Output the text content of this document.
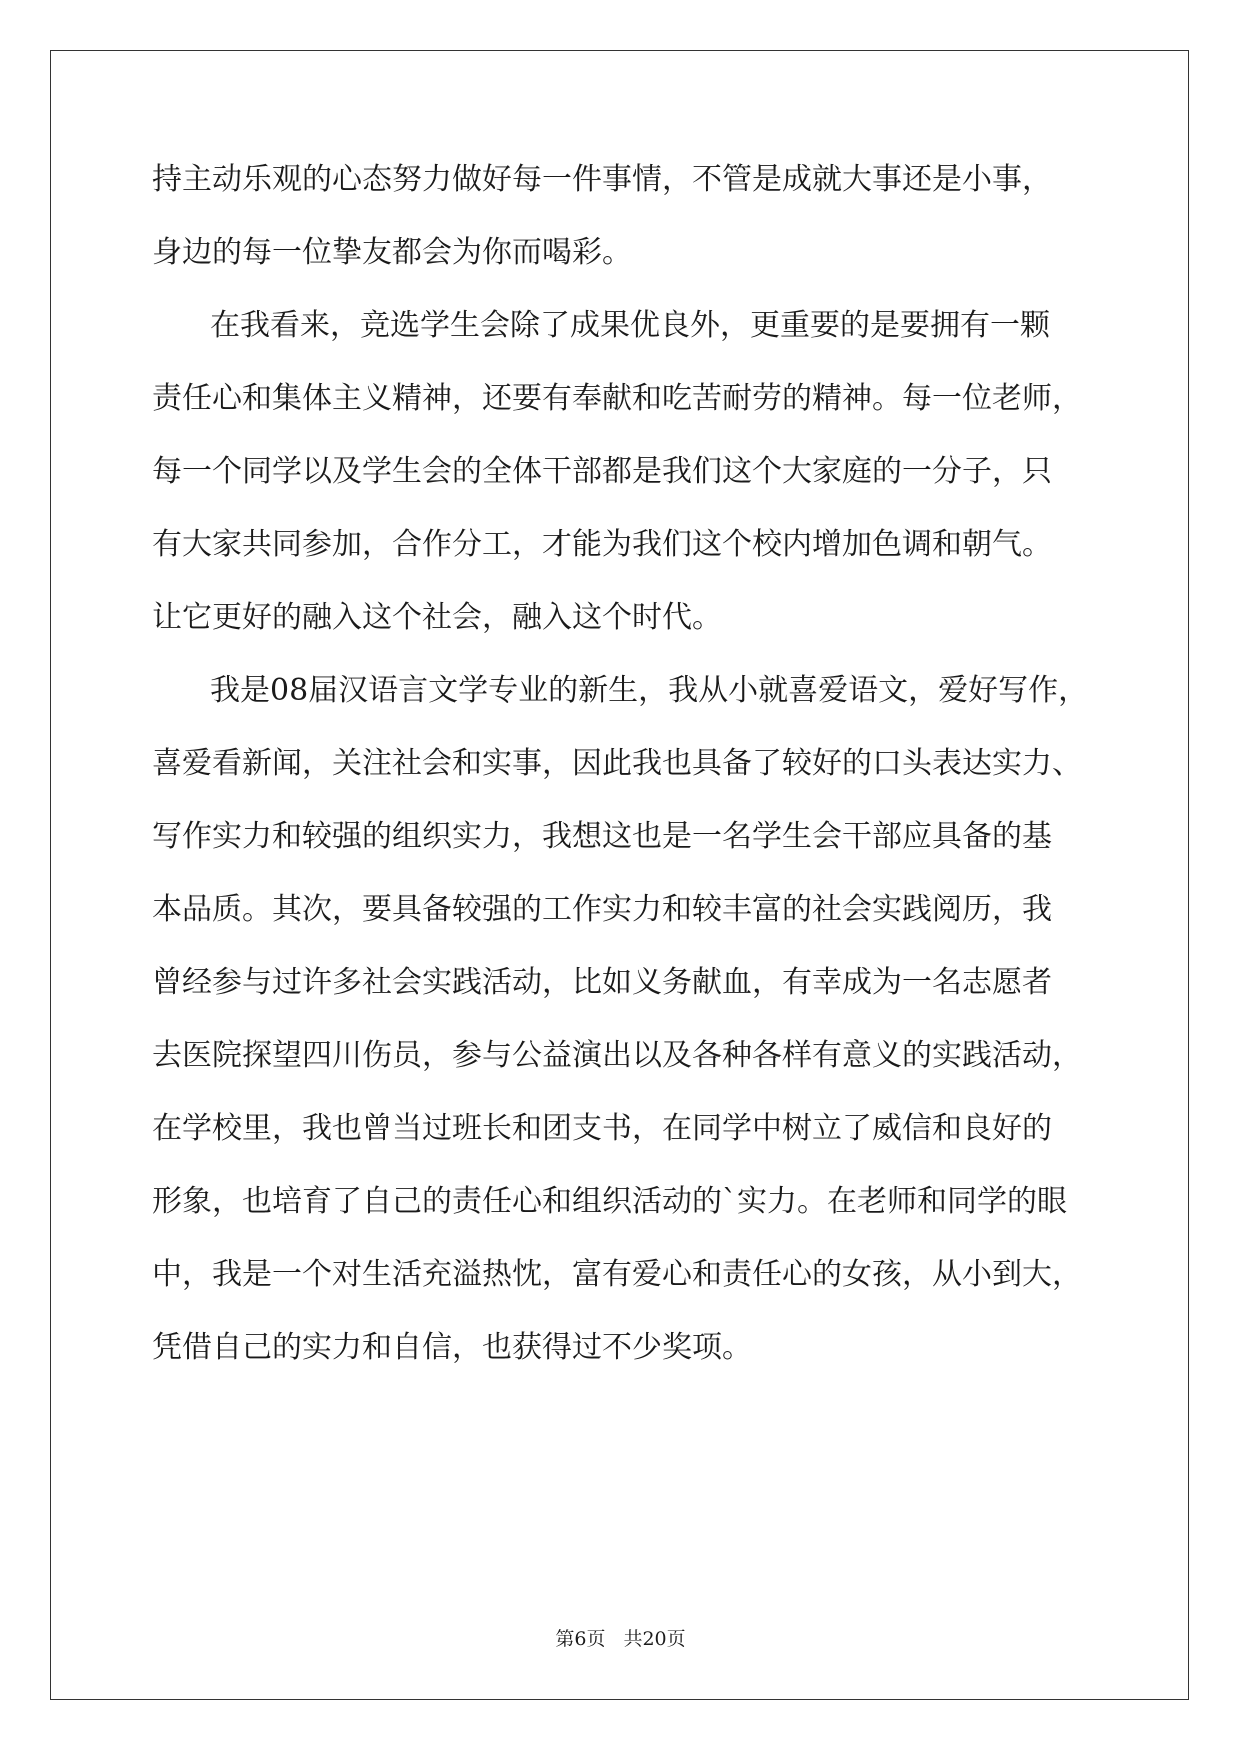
持主动乐观的心态努力做好每一件事情，不管是成就大事还是小事，
身边的每一位挚友都会为你而喝彩。
在我看来，竞选学生会除了成果优良外，更重要的是要拥有一颗
责任心和集体主义精神，还要有奉献和吃苦耐劳的精神。每一位老师，
每一个同学以及学生会的全体干部都是我们这个大家庭的一分子，只
有大家共同参加，合作分工，才能为我们这个校内增加色调和朝气。
让它更好的融入这个社会，融入这个时代。
我是08届汉语言文学专业的新生，我从小就喜爱语文，爱好写作，
喜爱看新闻，关注社会和实事，因此我也具备了较好的口头表达实力、
写作实力和较强的组织实力，我想这也是一名学生会干部应具备的基
本品质。其次，要具备较强的工作实力和较丰富的社会实践阅历，我
曾经参与过许多社会实践活动，比如义务献血，有幸成为一名志愿者
去医院探望四川伤员，参与公益演出以及各种各样有意义的实践活动，
在学校里，我也曾当过班长和团支书，在同学中树立了威信和良好的
形象，也培育了自己的责任心和组织活动的`实力。在老师和同学的眼
中，我是一个对生活充溢热忱，富有爱心和责任心的女孩，从小到大，
凭借自己的实力和自信，也获得过不少奖项。
第6页 共20页
